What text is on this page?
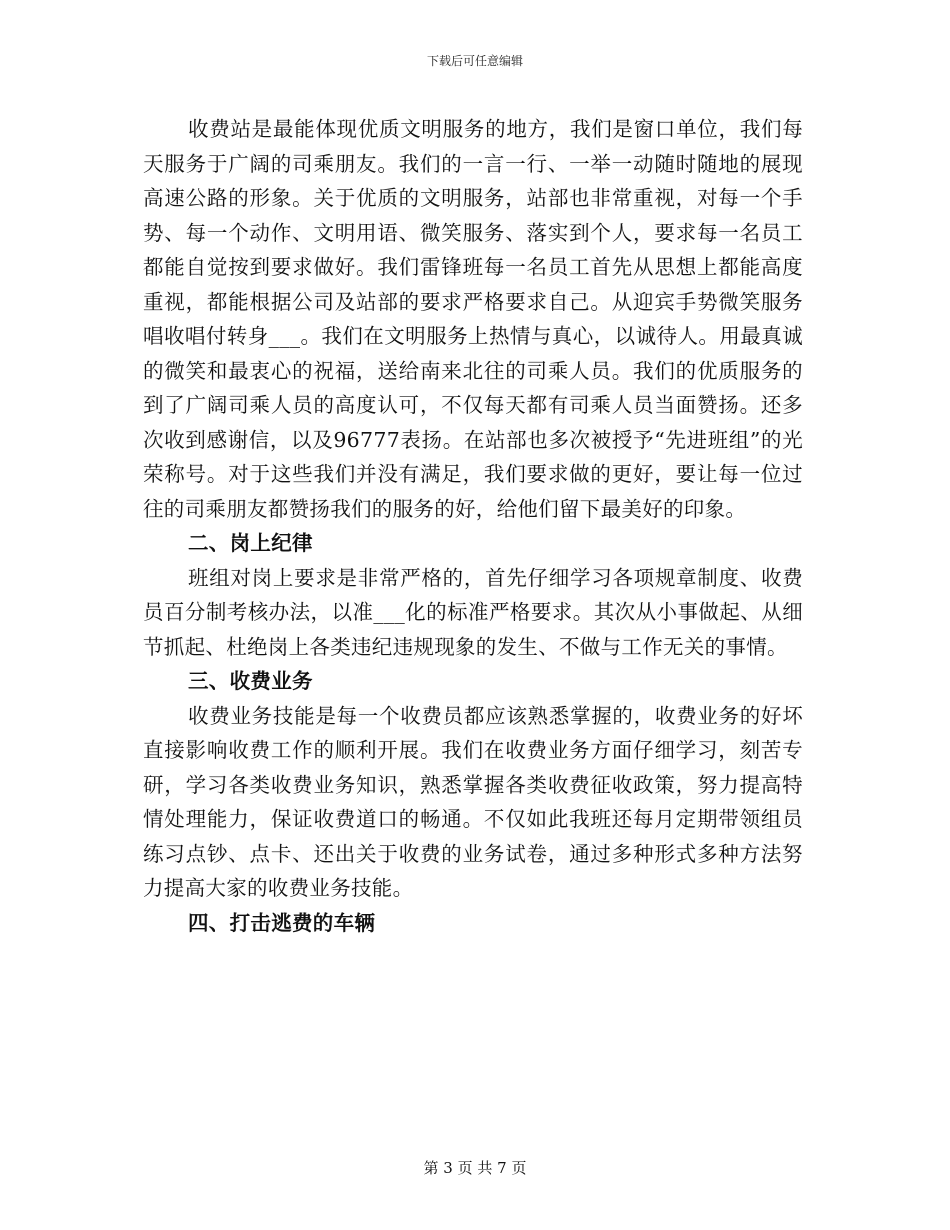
下载后可任意编辑

收费站是最能体现优质文明服务的地方，我们是窗口单位，我们每天服务于广阔的司乘朋友。我们的一言一行、一举一动随时随地的展现高速公路的形象。关于优质的文明服务，站部也非常重视，对每一个手势、每一个动作、文明用语、微笑服务、落实到个人，要求每一名员工都能自觉按到要求做好。我们雷锋班每一名员工首先从思想上都能高度重视，都能根据公司及站部的要求严格要求自己。从迎宾手势微笑服务唱收唱付转身___。我们在文明服务上热情与真心，以诚待人。用最真诚的微笑和最衷心的祝福，送给南来北往的司乘人员。我们的优质服务的到了广阔司乘人员的高度认可，不仅每天都有司乘人员当面赞扬。还多次收到感谢信，以及96777表扬。在站部也多次被授予“先进班组”的光荣称号。对于这些我们并没有满足，我们要求做的更好，要让每一位过往的司乘朋友都赞扬我们的服务的好，给他们留下最美好的印象。

二、岗上纪律

班组对岗上要求是非常严格的，首先仔细学习各项规章制度、收费员百分制考核办法，以准___化的标准严格要求。其次从小事做起、从细节抓起、杜绝岗上各类违纪违规现象的发生、不做与工作无关的事情。

三、收费业务

收费业务技能是每一个收费员都应该熟悉掌握的，收费业务的好坏直接影响收费工作的顺利开展。我们在收费业务方面仔细学习，刻苦专研，学习各类收费业务知识，熟悉掌握各类收费征收政策，努力提高特情处理能力，保证收费道口的畅通。不仅如此我班还每月定期带领组员练习点钞、点卡、还出关于收费的业务试卷，通过多种形式多种方法努力提高大家的收费业务技能。

四、打击逃费的车辆

第 3 页 共 7 页
